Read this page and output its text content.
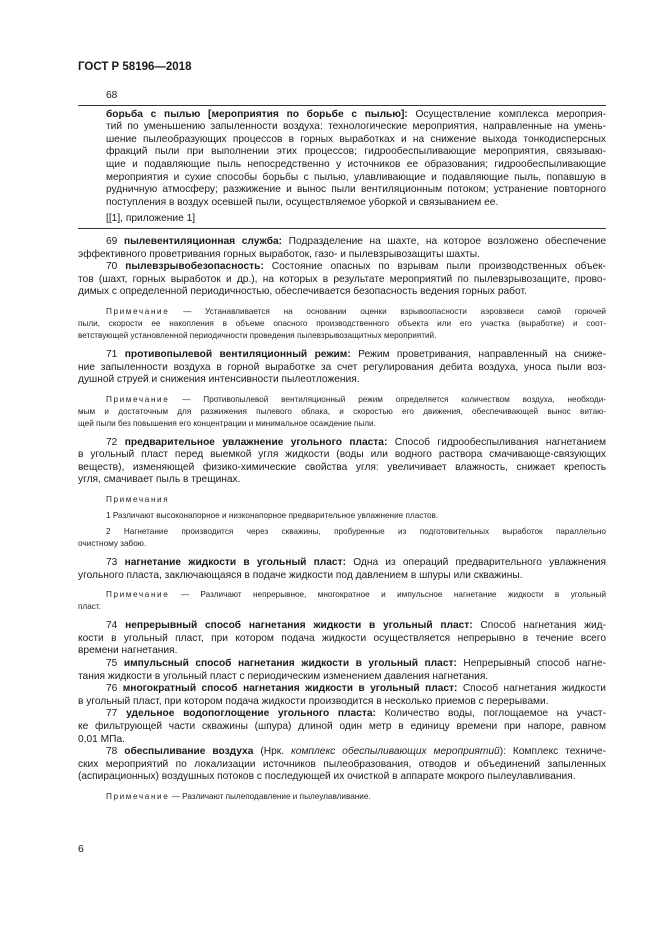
ГОСТ Р 58196—2018
68

борьба с пылью [мероприятия по борьбе с пылью]: Осуществление комплекса мероприя-

тий по уменьшению запыленности воздуха: технологические мероприятия, направленные на умень-

шение пылеобразующих процессов в горных выработках и на снижение выхода тонкодисперсных

фракций пыли при выполнении этих процессов; гидрообеспыливающие мероприятия, связываю-

щие и подавляющие пыль непосредственно у источников ее образования; гидрообеспыливающие

мероприятия и сухие способы борьбы с пылью, улавливающие и подавляющие пыль, попавшую в

рудничную атмосферу; разжижение и вынос пыли вентиляционным потоком; устранение повторного

поступления в воздух осевшей пыли, осуществляемое уборкой и связыванием ее.

[[1], приложение 1]

69 пылевентиляционная служба: Подразделение на шахте, на которое возложено обеспечение

эффективного проветривания горных выработок, газо- и пылевзрывозащиты шахты.

70 пылевзрывобезопасность: Состояние опасных по взрывам пыли производственных объек-

тов (шахт, горных выработок и др.), на которых в результате мероприятий по пылевзрывозащите, прово-

димых с определенной периодичностью, обеспечивается безопасность ведения горных работ.

Примечание — Устанавливается на основании оценки взрывоопасности аэровзвеси самой горючей

пыли, скорости ее накопления в объеме опасного производственного объекта или его участка (выработке) и соот-

ветствующей установленной периодичности проведения пылевзрывозащитных мероприятий.

71 противопылевой вентиляционный режим: Режим проветривания, направленный на сниже-

ние запыленности воздуха в горной выработке за счет регулирования дебита воздуха, уноса пыли воз-

душной струей и снижения интенсивности пылеотложения.

Примечание — Противопылевой вентиляционный режим определяется количеством воздуха, необходи-

мым и достаточным для разжижения пылевого облака, и скоростью его движения, обеспечивающей вынос витаю-

щей пыли без повышения его концентрации и минимальное осаждение пыли.

72 предварительное увлажнение угольного пласта: Способ гидрообеспыливания нагнетанием

в угольный пласт перед выемкой угля жидкости (воды или водного раствора смачивающе-связующих

веществ), изменяющей физико-химические свойства угля: увеличивает влажность, снижает крепость

угля, смачивает пыль в трещинах.

Примечания

1 Различают высоконапорное и низконапорное предварительное увлажнение пластов.

2 Нагнетание производится через скважины, пробуренные из подготовительных выработок параллельно

очистному забою.

73 нагнетание жидкости в угольный пласт: Одна из операций предварительного увлажнения

угольного пласта, заключающаяся в подаче жидкости под давлением в шпуры или скважины.

Примечание — Различают непрерывное, многократное и импульсное нагнетание жидкости в угольный

пласт.

74 непрерывный способ нагнетания жидкости в угольный пласт: Способ нагнетания жид-

кости в угольный пласт, при котором подача жидкости осуществляется непрерывно в течение всего

времени нагнетания.

75 импульсный способ нагнетания жидкости в угольный пласт: Непрерывный способ нагне-

тания жидкости в угольный пласт с периодическим изменением давления нагнетания.

76 многократный способ нагнетания жидкости в угольный пласт: Способ нагнетания жидкости

в угольный пласт, при котором подача жидкости производится в несколько приемов с перерывами.

77 удельное водопоглощение угольного пласта: Количество воды, поглощаемое на участ-

ке фильтрующей части скважины (шпура) длиной один метр в единицу времени при напоре, равном

0,01 МПа.

78 обеспыливание воздуха (Нрк. комплекс обеспыливающих мероприятий): Комплекс техниче-

ских мероприятий по локализации источников пылеобразования, отводов и объединений запыленных

(аспирационных) воздушных потоков с последующей их очисткой в аппарате мокрого пылеулавливания.

Примечание — Различают пылеподавление и пылеулавливание.

6
